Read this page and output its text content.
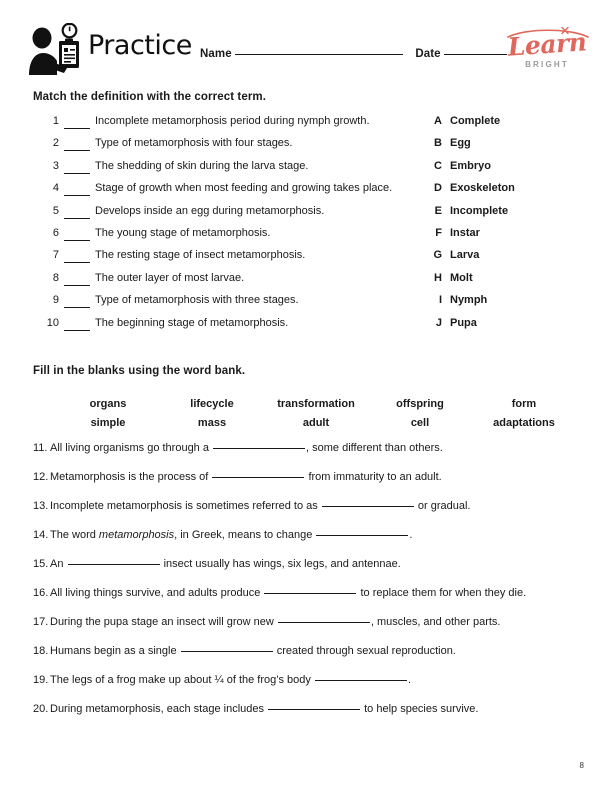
Practice Name	Date	Learn
BRIGHT
Match the definition with the correct term.
1	Incomplete metamorphosis period during nymph growth.
2	Type of metamorphosis with four stages.
3	The shedding of skin during the larva stage.
4	Stage of growth when most feeding and growing takes place.
5	Develops inside an egg during metamorphosis.
6	The young stage of metamorphosis.
7	The resting stage of insect metamorphosis.
8	The outer layer of most larvae.
9	Type of metamorphosis with three stages.
10	The beginning stage of metamorphosis.
A Complete
B Egg
C Embryo
D Exoskeleton
E Incomplete
F Instar
G Larva
H Molt
I Nymph
J Pupa
Fill in the blanks using the word bank.
organs	lifecycle	transformation	offspring	form
simple	mass	adult	cell	adaptations
11. All living organisms go through a	, some different than others.
12. Metamorphosis is the process of	from immaturity to an adult.
13. Incomplete metamorphosis is sometimes referred to as	or gradual.
14. The word metamorphosis, in Greek, means to change	.
15. An	insect usually has wings, six legs, and antennae.
16. All living things survive, and adults produce	to replace them for when they die.
17. During the pupa stage an insect will grow new	, muscles, and other parts.
18. Humans begin as a single	created through sexual reproduction.
19. The legs of a frog make up about ¼ of the frog’s body	.
20. During metamorphosis, each stage includes	to help species survive.
8
